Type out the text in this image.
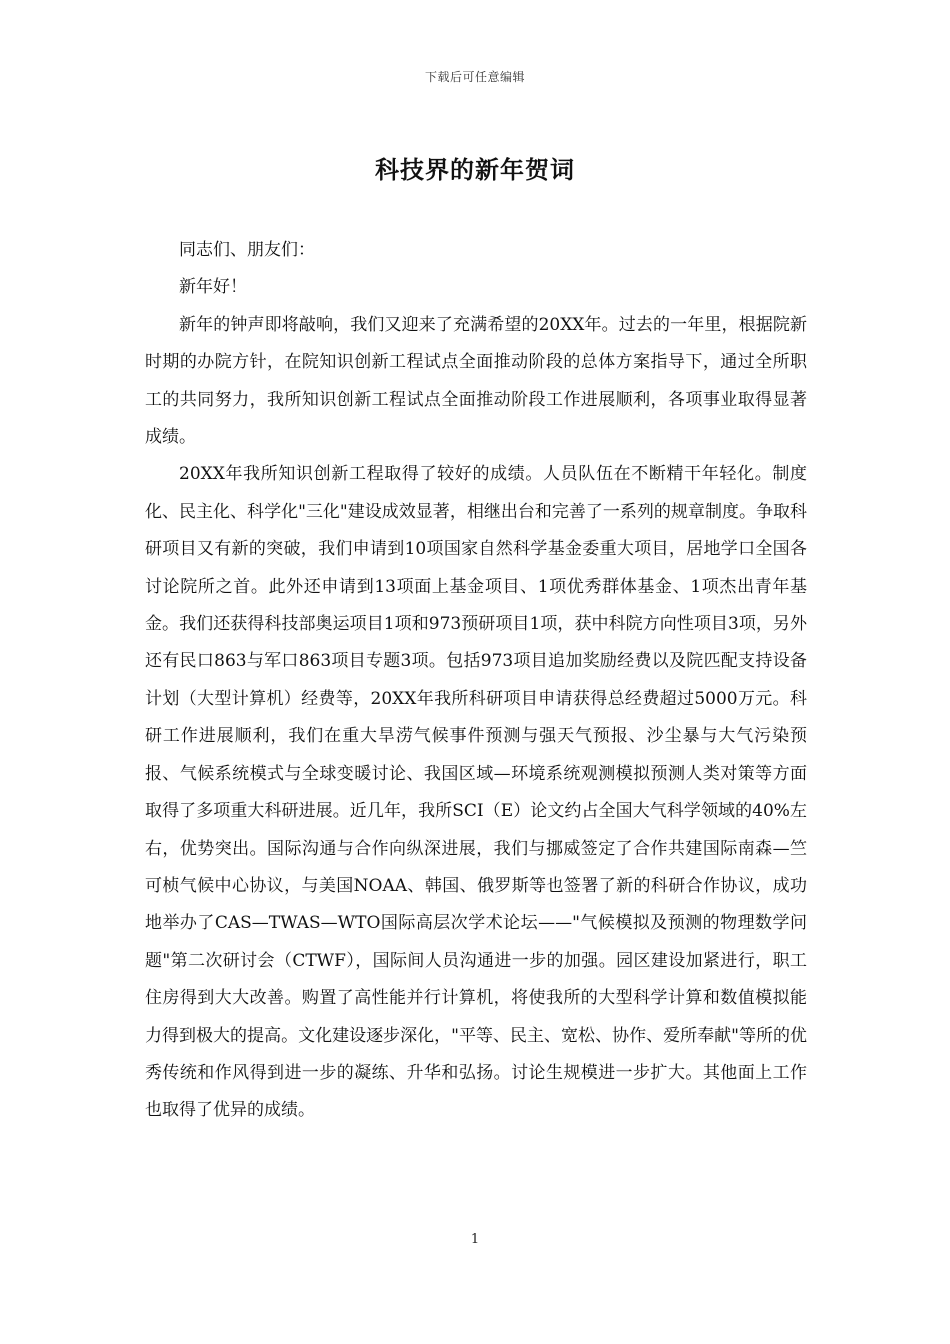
下载后可任意编辑
科技界的新年贺词

同志们、朋友们：

新年好！

新年的钟声即将敲响，我们又迎来了充满希望的20XX年。过去的一年里，根据院新时期的办院方针，在院知识创新工程试点全面推动阶段的总体方案指导下，通过全所职工的共同努力，我所知识创新工程试点全面推动阶段工作进展顺利，各项事业取得显著成绩。

20XX年我所知识创新工程取得了较好的成绩。人员队伍在不断精干年轻化。制度化、民主化、科学化"三化"建设成效显著，相继出台和完善了一系列的规章制度。争取科研项目又有新的突破，我们申请到10项国家自然科学基金委重大项目，居地学口全国各讨论院所之首。此外还申请到13项面上基金项目、1项优秀群体基金、1项杰出青年基金。我们还获得科技部奥运项目1项和973预研项目1项，获中科院方向性项目3项，另外还有民口863与军口863项目专题3项。包括973项目追加奖励经费以及院匹配支持设备计划（大型计算机）经费等，20XX年我所科研项目申请获得总经费超过5000万元。科研工作进展顺利，我们在重大旱涝气候事件预测与强天气预报、沙尘暴与大气污染预报、气候系统模式与全球变暖讨论、我国区域—环境系统观测模拟预测人类对策等方面取得了多项重大科研进展。近几年，我所SCI（E）论文约占全国大气科学领域的40%左右，优势突出。国际沟通与合作向纵深进展，我们与挪威签定了合作共建国际南森—竺可桢气候中心协议，与美国NOAA、韩国、俄罗斯等也签署了新的科研合作协议，成功地举办了CAS—TWAS—WTO国际高层次学术论坛——"气候模拟及预测的物理数学问题"第二次研讨会（CTWF），国际间人员沟通进一步的加强。园区建设加紧进行，职工住房得到大大改善。购置了高性能并行计算机，将使我所的大型科学计算和数值模拟能力得到极大的提高。文化建设逐步深化，"平等、民主、宽松、协作、爱所奉献"等所的优秀传统和作风得到进一步的凝练、升华和弘扬。讨论生规模进一步扩大。其他面上工作也取得了优异的成绩。

1
